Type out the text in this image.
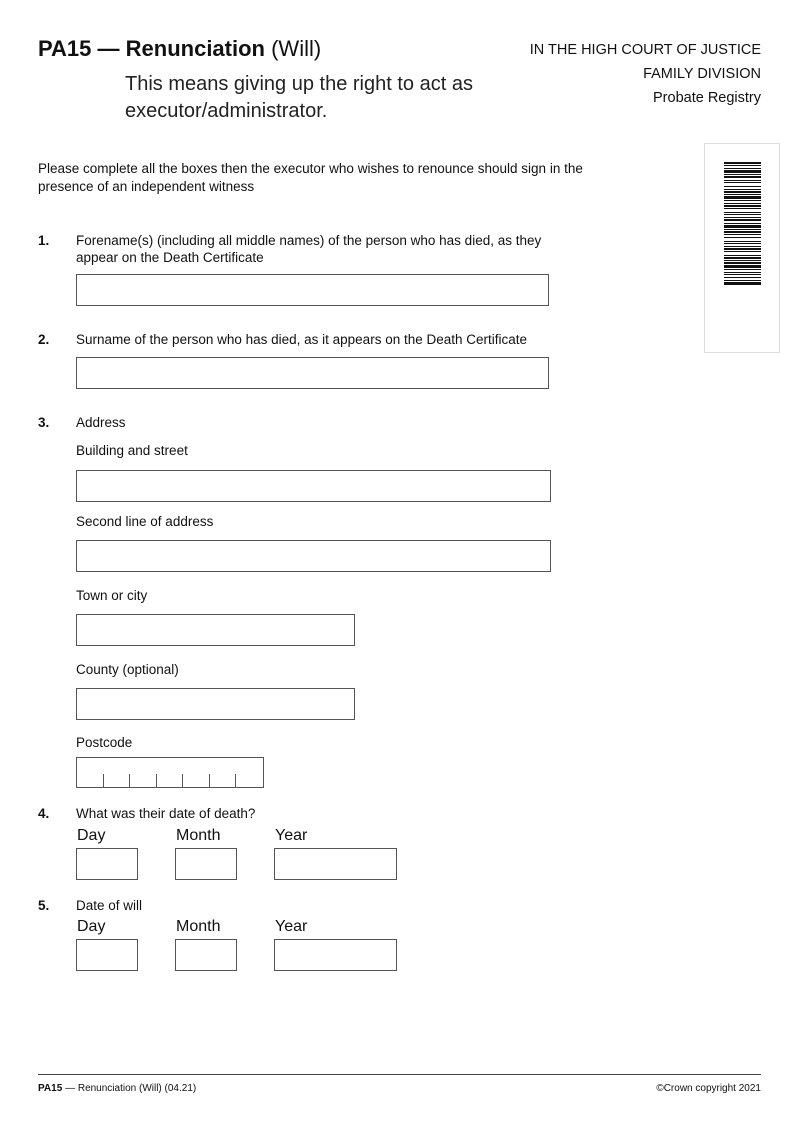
PA15 — Renunciation (Will)
This means giving up the right to act as executor/administrator.
IN THE HIGH COURT OF JUSTICE
FAMILY DIVISION
Probate Registry
Please complete all the boxes then the executor who wishes to renounce should sign in the presence of an independent witness
1. Forename(s) (including all middle names) of the person who has died, as they appear on the Death Certificate
2. Surname of the person who has died, as it appears on the Death Certificate
3. Address
Building and street
Second line of address
Town or city
County (optional)
Postcode
4. What was their date of death?
Day	Month	Year
5. Date of will
Day	Month	Year
PA15 — Renunciation (Will) (04.21)	©Crown copyright 2021
